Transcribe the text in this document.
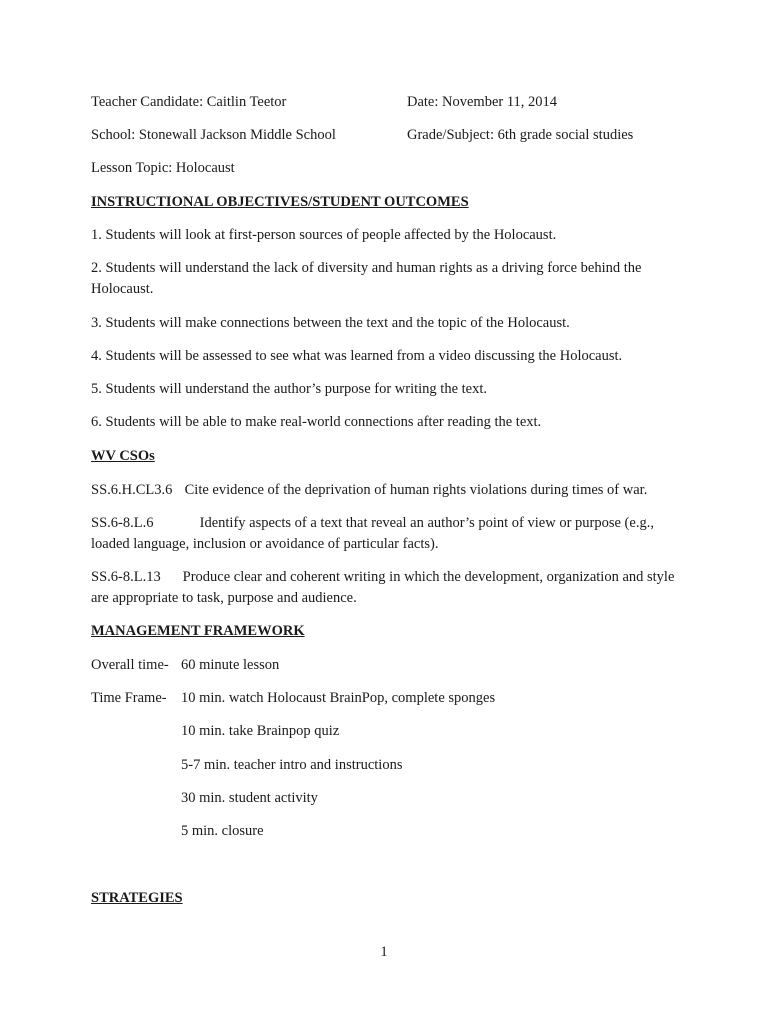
Teacher Candidate: Caitlin Teetor	Date: November 11, 2014
School: Stonewall Jackson Middle School	Grade/Subject: 6th grade social studies
Lesson Topic: Holocaust
INSTRUCTIONAL OBJECTIVES/STUDENT OUTCOMES
1. Students will look at first-person sources of people affected by the Holocaust.
2. Students will understand the lack of diversity and human rights as a driving force behind the Holocaust.
3. Students will make connections between the text and the topic of the Holocaust.
4. Students will be assessed to see what was learned from a video discussing the Holocaust.
5. Students will understand the author’s purpose for writing the text.
6. Students will be able to make real-world connections after reading the text.
WV CSOs
SS.6.H.CL3.6 Cite evidence of the deprivation of human rights violations during times of war.
SS.6-8.L.6	Identify aspects of a text that reveal an author’s point of view or purpose (e.g., loaded language, inclusion or avoidance of particular facts).
SS.6-8.L.13 Produce clear and coherent writing in which the development, organization and style are appropriate to task, purpose and audience.
MANAGEMENT FRAMEWORK
Overall time- 60 minute lesson
Time Frame- 10 min. watch Holocaust BrainPop, complete sponges
10 min. take Brainpop quiz
5-7 min. teacher intro and instructions
30 min. student activity
5 min. closure
STRATEGIES
1
